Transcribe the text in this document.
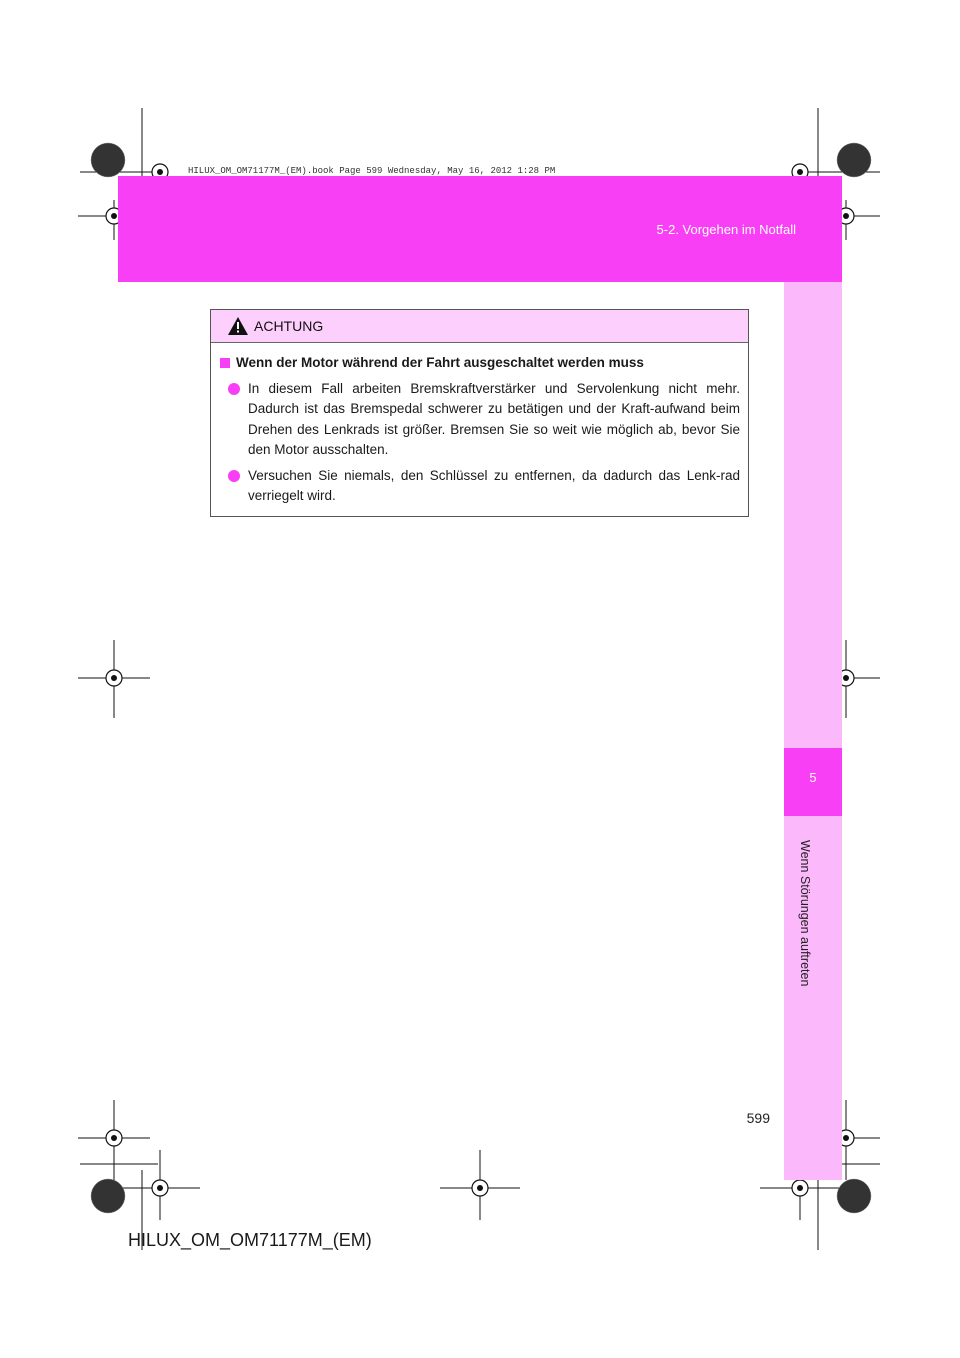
HILUX_OM_OM71177M_(EM).book Page 599 Wednesday, May 16, 2012 1:28 PM
5-2. Vorgehen im Notfall
5
Wenn Störungen auftreten
ACHTUNG
Wenn der Motor während der Fahrt ausgeschaltet werden muss
In diesem Fall arbeiten Bremskraftverstärker und Servolenkung nicht mehr. Dadurch ist das Bremspedal schwerer zu betätigen und der Kraft-aufwand beim Drehen des Lenkrads ist größer. Bremsen Sie so weit wie möglich ab, bevor Sie den Motor ausschalten.
Versuchen Sie niemals, den Schlüssel zu entfernen, da dadurch das Lenk-rad verriegelt wird.
599
HILUX_OM_OM71177M_(EM)
